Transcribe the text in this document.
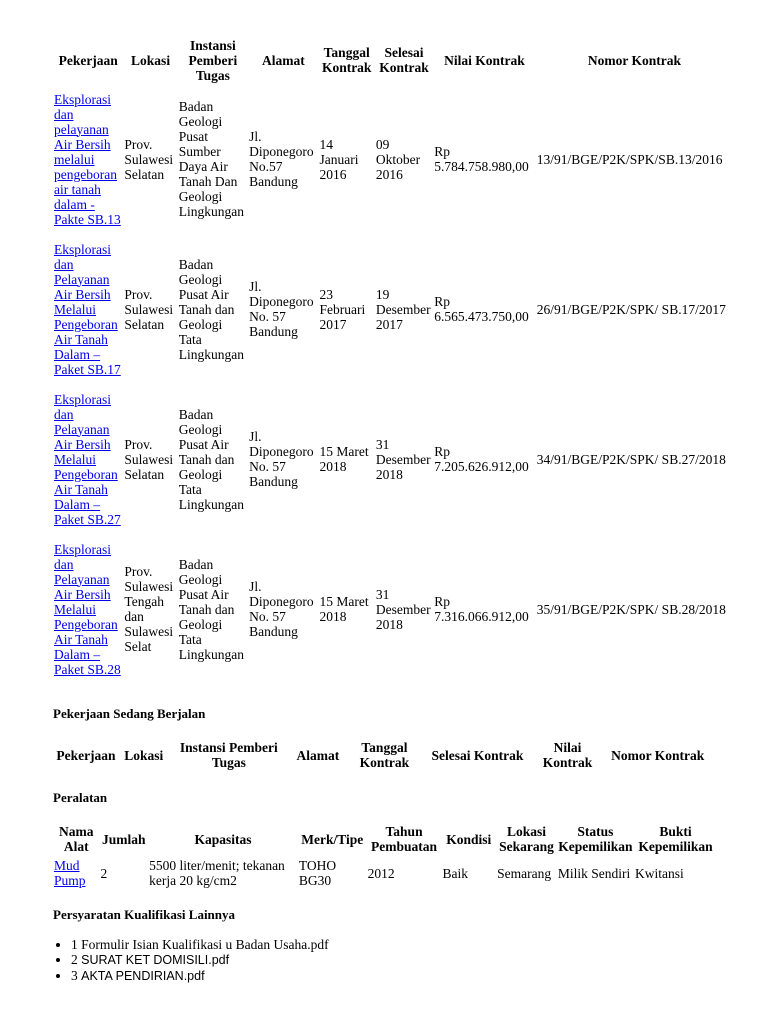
Pekerjaan	Lokasi	Instansi Pemberi Tugas	Alamat	Tanggal Kontrak	Selesai Kontrak	Nilai Kontrak	Nomor Kontrak
Eksplorasi dan pelayanan Air Bersih melalui pengeboran air tanah dalam - Pakte SB.13	Prov. Sulawesi Selatan	Badan Geologi Pusat Sumber Daya Air Tanah Dan Geologi Lingkungan	Jl. Diponegoro No.57 Bandung	14 Januari 2016	09 Oktober 2016	Rp 5.784.758.980,00	13/91/BGE/P2K/SPK/SB.13/2016
Eksplorasi dan Pelayanan Air Bersih Melalui Pengeboran Air Tanah Dalam – Paket SB.17	Prov. Sulawesi Selatan	Badan Geologi Pusat Air Tanah dan Geologi Tata Lingkungan	Jl. Diponegoro No. 57 Bandung	23 Februari 2017	19 Desember 2017	Rp 6.565.473.750,00	26/91/BGE/P2K/SPK/ SB.17/2017
Eksplorasi dan Pelayanan Air Bersih Melalui Pengeboran Air Tanah Dalam – Paket SB.27	Prov. Sulawesi Selatan	Badan Geologi Pusat Air Tanah dan Geologi Tata Lingkungan	Jl. Diponegoro No. 57 Bandung	15 Maret 2018	31 Desember 2018	Rp 7.205.626.912,00	34/91/BGE/P2K/SPK/ SB.27/2018
Eksplorasi dan Pelayanan Air Bersih Melalui Pengeboran Air Tanah Dalam – Paket SB.28	Prov. Sulawesi Tengah dan Sulawesi Selat	Badan Geologi Pusat Air Tanah dan Geologi Tata Lingkungan	Jl. Diponegoro No. 57 Bandung	15 Maret 2018	31 Desember 2018	Rp 7.316.066.912,00	35/91/BGE/P2K/SPK/ SB.28/2018
Pekerjaan Sedang Berjalan
Pekerjaan	Lokasi	Instansi Pemberi Tugas	Alamat	Tanggal Kontrak	Selesai Kontrak	Nilai Kontrak	Nomor Kontrak
Peralatan
Nama Alat	Jumlah	Kapasitas	Merk/Tipe	Tahun Pembuatan	Kondisi	Lokasi Sekarang	Status Kepemilikan	Bukti Kepemilikan
Mud Pump	2	5500 liter/menit; tekanan kerja 20 kg/cm2	TOHO BG30	2012	Baik	Semarang	Milik Sendiri	Kwitansi
Persyaratan Kualifikasi Lainnya
• 1 Formulir Isian Kualifikasi u Badan Usaha.pdf
• 2 SURAT KET DOMISILI.pdf
• 3 AKTA PENDIRIAN.pdf
